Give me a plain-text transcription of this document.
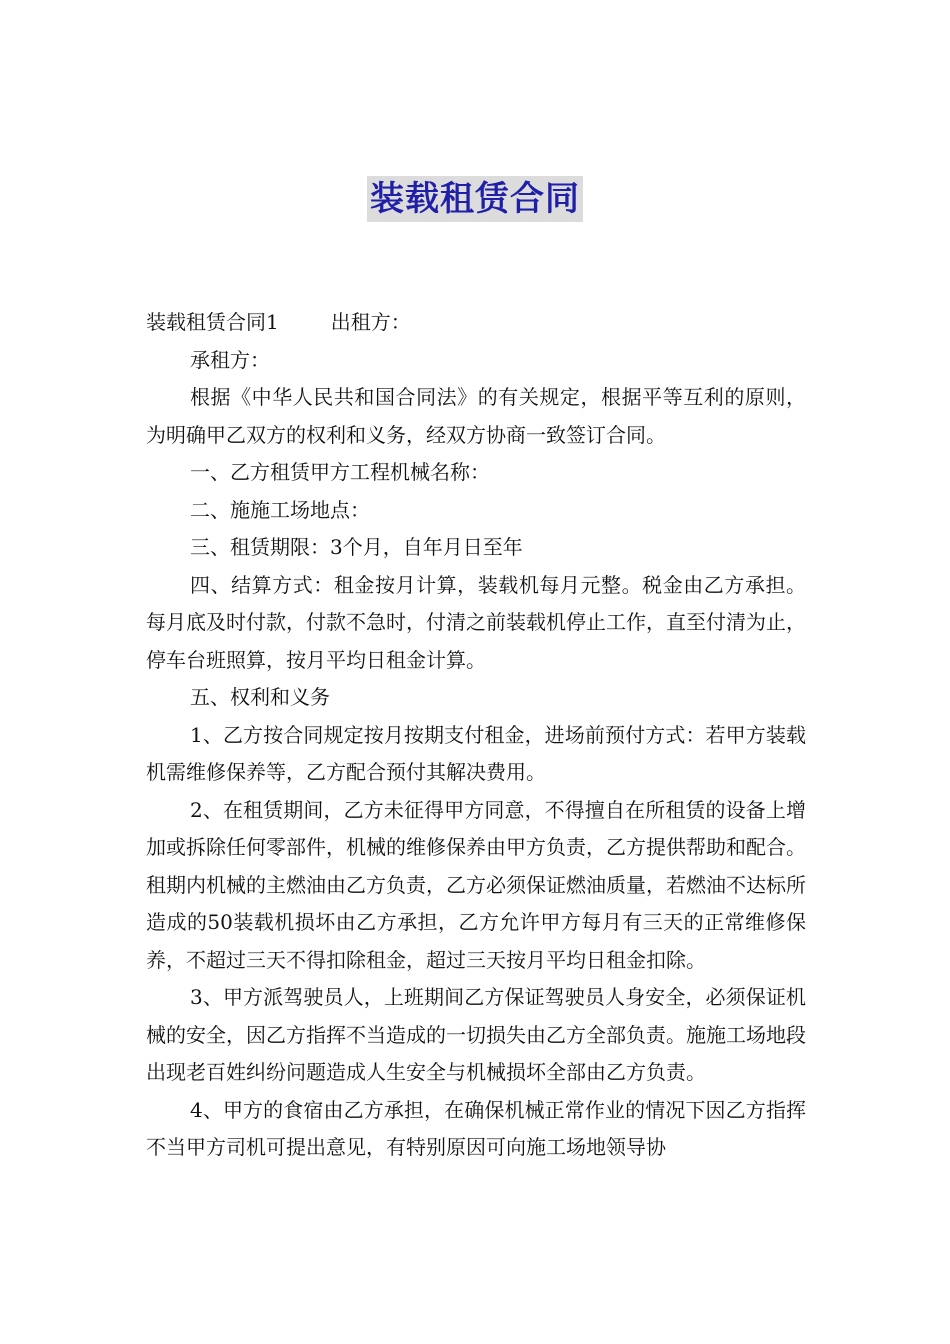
装载租赁合同

装载租赁合同1	出租方：

承租方：

根据《中华人民共和国合同法》的有关规定，根据平等互利的原则，为明确甲乙双方的权利和义务，经双方协商一致签订合同。

一、乙方租赁甲方工程机械名称：

二、施施工场地点：

三、租赁期限：3个月，自年月日至年

四、结算方式：租金按月计算，装载机每月元整。税金由乙方承担。每月底及时付款，付款不急时，付清之前装载机停止工作，直至付清为止，停车台班照算，按月平均日租金计算。

五、权利和义务

1、乙方按合同规定按月按期支付租金，进场前预付方式：若甲方装载机需维修保养等，乙方配合预付其解决费用。

2、在租赁期间，乙方未征得甲方同意，不得擅自在所租赁的设备上增加或拆除任何零部件，机械的维修保养由甲方负责，乙方提供帮助和配合。租期内机械的主燃油由乙方负责，乙方必须保证燃油质量，若燃油不达标所造成的50装载机损坏由乙方承担，乙方允许甲方每月有三天的正常维修保养，不超过三天不得扣除租金，超过三天按月平均日租金扣除。

3、甲方派驾驶员人，上班期间乙方保证驾驶员人身安全，必须保证机械的安全，因乙方指挥不当造成的一切损失由乙方全部负责。施施工场地段出现老百姓纠纷问题造成人生安全与机械损坏全部由乙方负责。

4、甲方的食宿由乙方承担，在确保机械正常作业的情况下因乙方指挥不当甲方司机可提出意见，有特别原因可向施工场地领导协
